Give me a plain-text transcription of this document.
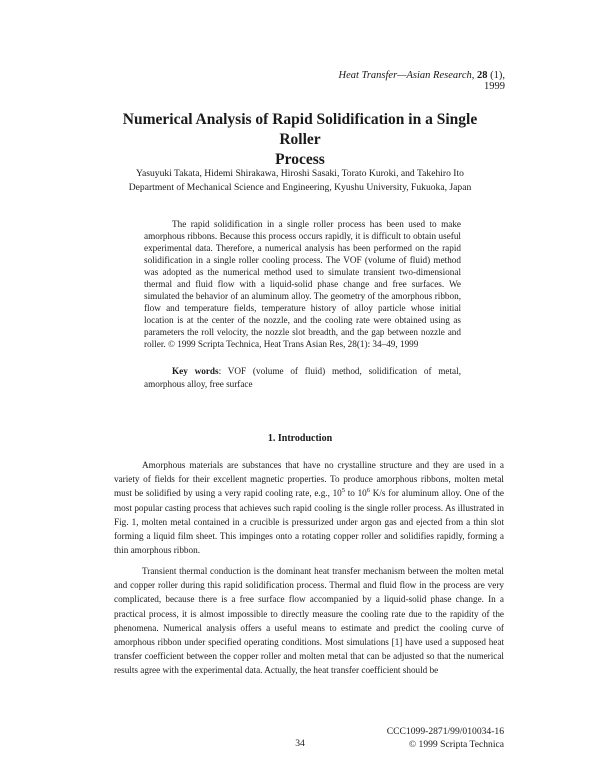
Heat Transfer—Asian Research, 28 (1), 1999
Numerical Analysis of Rapid Solidification in a Single Roller
Process
Yasuyuki Takata, Hidemi Shirakawa, Hiroshi Sasaki, Torato Kuroki, and Takehiro Ito
Department of Mechanical Science and Engineering, Kyushu University, Fukuoka, Japan

The rapid solidification in a single roller process has been used to make amorphous ribbons. Because this process occurs rapidly, it is difficult to obtain useful experimental data. Therefore, a numerical analysis has been performed on the rapid solidification in a single roller cooling process. The VOF (volume of fluid) method was adopted as the numerical method used to simulate transient two-dimensional thermal and fluid flow with a liquid-solid phase change and free surfaces. We simulated the behavior of an aluminum alloy. The geometry of the amorphous ribbon, flow and temperature fields, temperature history of alloy particle whose initial location is at the center of the nozzle, and the cooling rate were obtained using as parameters the roll velocity, the nozzle slot breadth, and the gap between nozzle and roller. © 1999 Scripta Technica, Heat Trans Asian Res, 28(1): 34–49, 1999

Key words: VOF (volume of fluid) method, solidification of metal, amorphous alloy, free surface

1. Introduction

Amorphous materials are substances that have no crystalline structure and they are used in a variety of fields for their excellent magnetic properties. To produce amorphous ribbons, molten metal must be solidified by using a very rapid cooling rate, e.g., $10^5$ to $10^6$ K/s for aluminum alloy. One of the most popular casting process that achieves such rapid cooling is the single roller process. As illustrated in Fig. 1, molten metal contained in a crucible is pressurized under argon gas and ejected from a thin slot forming a liquid film sheet. This impinges onto a rotating copper roller and solidifies rapidly, forming a thin amorphous ribbon.

Transient thermal conduction is the dominant heat transfer mechanism between the molten metal and copper roller during this rapid solidification process. Thermal and fluid flow in the process are very complicated, because there is a free surface flow accompanied by a liquid-solid phase change. In a practical process, it is almost impossible to directly measure the cooling rate due to the rapidity of the phenomena. Numerical analysis offers a useful means to estimate and predict the cooling curve of amorphous ribbon under specified operating conditions. Most simulations [1] have used a supposed heat transfer coefficient between the copper roller and molten metal that can be adjusted so that the numerical results agree with the experimental data. Actually, the heat transfer coefficient should be

CCC1099-2871/99/010034-16
© 1999 Scripta Technica
34
